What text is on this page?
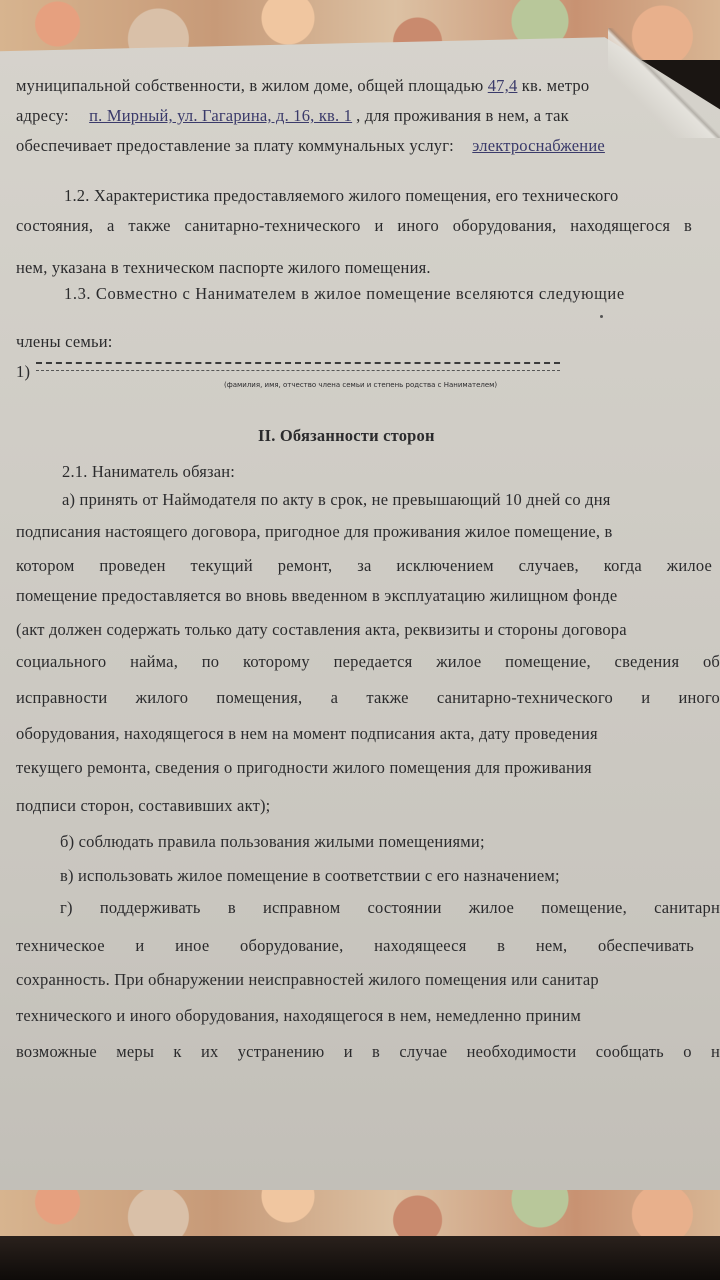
муниципальной собственности, в жилом доме, общей площадью 47,4 кв. метро
адресу: п. Мирный, ул. Гагарина, д. 16, кв. 1 , для проживания в нем, а так
обеспечивает предоставление за плату коммунальных услуг: электроснабжение
1.2. Характеристика предоставляемого жилого помещения, его технического
состояния, а также санитарно-технического и иного оборудования, находящегося в
нем, указана в техническом паспорте жилого помещения.
1.3. Совместно с Нанимателем в жилое помещение вселяются следующие
члены семьи:
1)
(фамилия, имя, отчество члена семьи и степень родства с Нанимателем)
II. Обязанности сторон
2.1. Наниматель обязан:
а) принять от Наймодателя по акту в срок, не превышающий 10 дней со дня
подписания настоящего договора, пригодное для проживания жилое помещение, в
котором проведен текущий ремонт, за исключением случаев, когда жилое
помещение предоставляется во вновь введенном в эксплуатацию жилищном фонде
(акт должен содержать только дату составления акта, реквизиты и стороны договора
социального найма, по которому передается жилое помещение, сведения об
исправности жилого помещения, а также санитарно-технического и иного
оборудования, находящегося в нем на момент подписания акта, дату проведения
текущего ремонта, сведения о пригодности жилого помещения для проживания
подписи сторон, составивших акт);
б) соблюдать правила пользования жилыми помещениями;
в) использовать жилое помещение в соответствии с его назначением;
г) поддерживать в исправном состоянии жилое помещение, санитарн
техническое и иное оборудование, находящееся в нем, обеспечивать
сохранность. При обнаружении неисправностей жилого помещения или санитар
технического и иного оборудования, находящегося в нем, немедленно приним
возможные меры к их устранению и в случае необходимости сообщать о н
